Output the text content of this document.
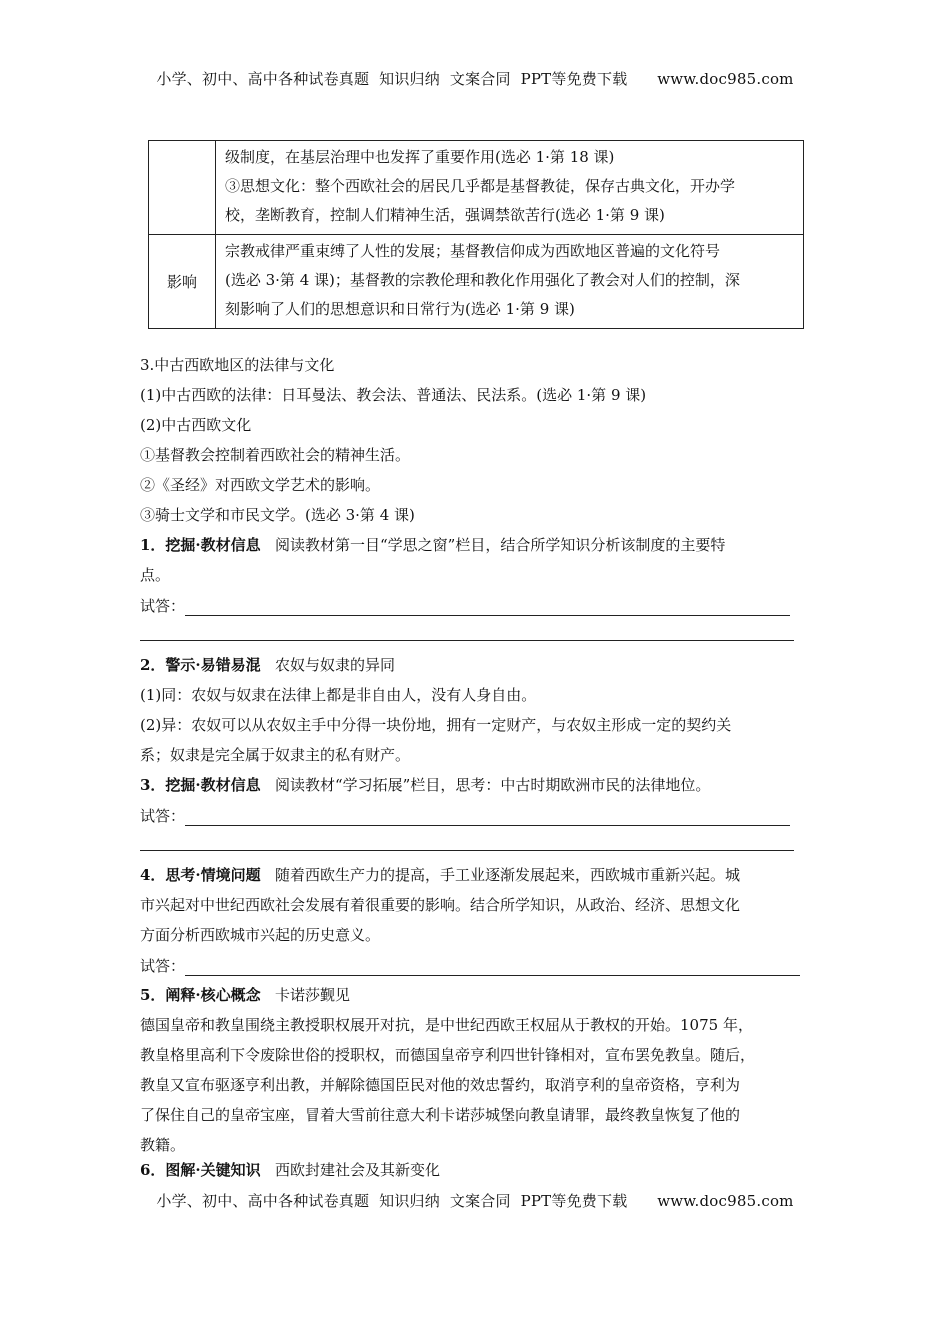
小学、初中、高中各种试卷真题  知识归纳  文案合同  PPT等免费下载      www.doc985.com

	级制度，在基层治理中也发挥了重要作用(选必 1·第 18 课)
③思想文化：整个西欧社会的居民几乎都是基督教徒，保存古典文化，开办学
校，垄断教育，控制人们精神生活，强调禁欲苦行(选必 1·第 9 课)

影响	宗教戒律严重束缚了人性的发展；基督教信仰成为西欧地区普遍的文化符号
(选必 3·第 4 课)；基督教的宗教伦理和教化作用强化了教会对人们的控制，深
刻影响了人们的思想意识和日常行为(选必 1·第 9 课)
3.中古西欧地区的法律与文化
(1)中古西欧的法律：日耳曼法、教会法、普通法、民法系。(选必 1·第 9 课)
(2)中古西欧文化
①基督教会控制着西欧社会的精神生活。
②《圣经》对西欧文学艺术的影响。
③骑士文学和市民文学。(选必 3·第 4 课)
1．挖掘·教材信息 阅读教材第一目“学思之窗”栏目，结合所学知识分析该制度的主要特
点。
试答：
2．警示·易错易混 农奴与奴隶的异同
(1)同：农奴与奴隶在法律上都是非自由人，没有人身自由。
(2)异：农奴可以从农奴主手中分得一块份地，拥有一定财产，与农奴主形成一定的契约关
系；奴隶是完全属于奴隶主的私有财产。
3．挖掘·教材信息 阅读教材“学习拓展”栏目，思考：中古时期欧洲市民的法律地位。
试答：
4．思考·情境问题 随着西欧生产力的提高，手工业逐渐发展起来，西欧城市重新兴起。城
市兴起对中世纪西欧社会发展有着很重要的影响。结合所学知识，从政治、经济、思想文化
方面分析西欧城市兴起的历史意义。
试答：
5．阐释·核心概念 卡诺莎觐见
德国皇帝和教皇围绕主教授职权展开对抗，是中世纪西欧王权屈从于教权的开始。1075 年，
教皇格里高利下令废除世俗的授职权，而德国皇帝亨利四世针锋相对，宣布罢免教皇。随后，
教皇又宣布驱逐亨利出教，并解除德国臣民对他的效忠誓约，取消亨利的皇帝资格，亨利为
了保住自己的皇帝宝座，冒着大雪前往意大利卡诺莎城堡向教皇请罪，最终教皇恢复了他的
教籍。
6．图解·关键知识 西欧封建社会及其新变化
小学、初中、高中各种试卷真题  知识归纳  文案合同  PPT等免费下载      www.doc985.com
